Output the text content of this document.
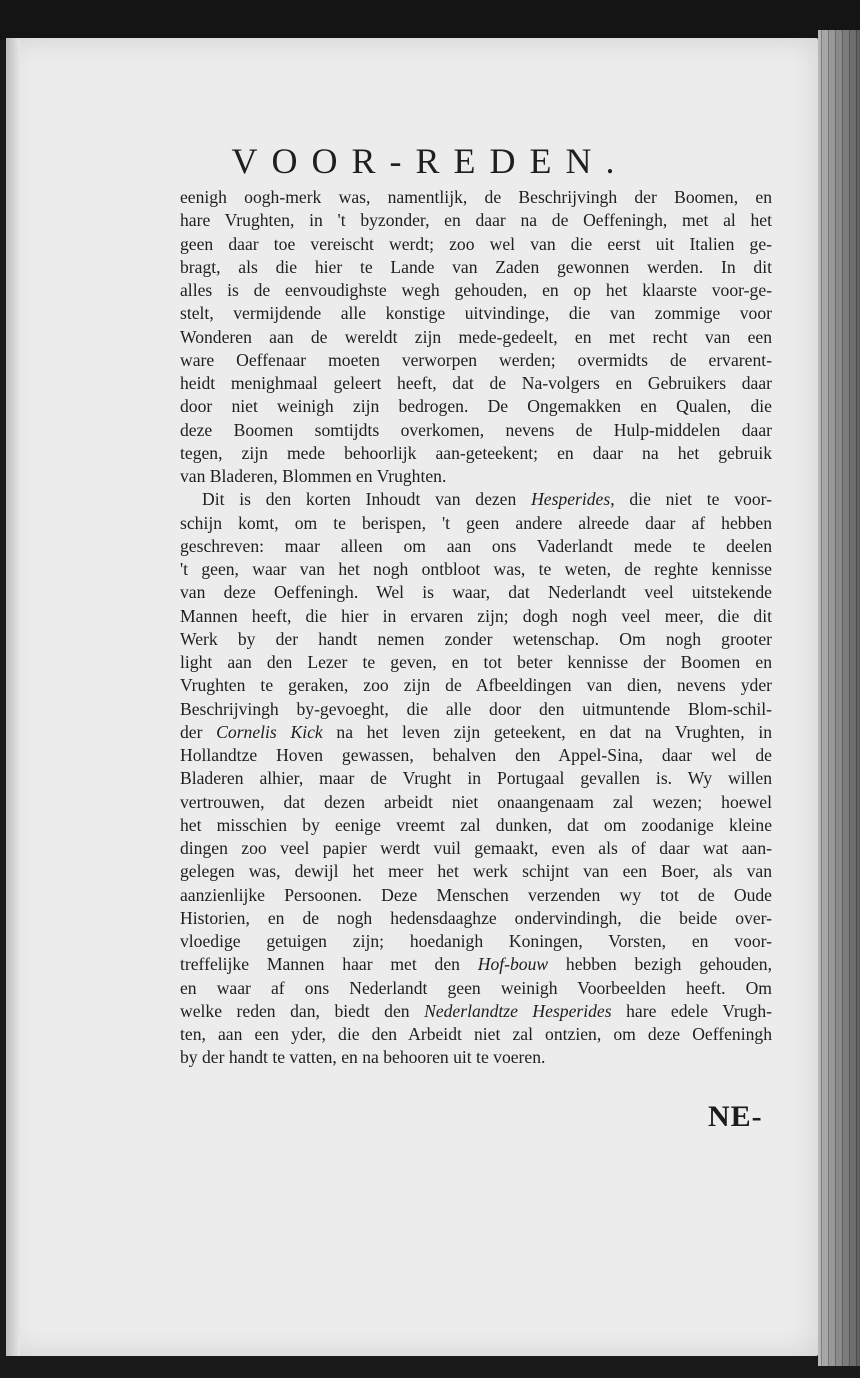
VOOR-REDEN.
eenigh oogh-merk was, namentlijk, de Beschrijvingh der Boomen, en
hare Vrughten, in 't byzonder, en daar na de Oeffeningh, met al het
geen daar toe vereischt werdt; zoo wel van die eerst uit Italien ge-
bragt, als die hier te Lande van Zaden gewonnen werden. In dit
alles is de eenvoudighste wegh gehouden, en op het klaarste voor-ge-
stelt, vermijdende alle konstige uitvindinge, die van zommige voor
Wonderen aan de wereldt zijn mede-gedeelt, en met recht van een
ware Oeffenaar moeten verworpen werden; overmidts de ervarent-
heidt menighmaal geleert heeft, dat de Na-volgers en Gebruikers daar
door niet weinigh zijn bedrogen. De Ongemakken en Qualen, die
deze Boomen somtijdts overkomen, nevens de Hulp-middelen daar
tegen, zijn mede behoorlijk aan-geteekent; en daar na het gebruik
van Bladeren, Blommen en Vrughten.
Dit is den korten Inhoudt van dezen Hesperides, die niet te voor-
schijn komt, om te berispen, 't geen andere alreede daar af hebben
geschreven: maar alleen om aan ons Vaderlandt mede te deelen
't geen, waar van het nogh ontbloot was, te weten, de reghte kennisse
van deze Oeffeningh. Wel is waar, dat Nederlandt veel uitstekende
Mannen heeft, die hier in ervaren zijn; dogh nogh veel meer, die dit
Werk by der handt nemen zonder wetenschap. Om nogh grooter
light aan den Lezer te geven, en tot beter kennisse der Boomen en
Vrughten te geraken, zoo zijn de Afbeeldingen van dien, nevens yder
Beschrijvingh by-gevoeght, die alle door den uitmuntende Blom-schil-
der Cornelis Kick na het leven zijn geteekent, en dat na Vrughten, in
Hollandtze Hoven gewassen, behalven den Appel-Sina, daar wel de
Bladeren alhier, maar de Vrught in Portugaal gevallen is. Wy willen
vertrouwen, dat dezen arbeidt niet onaangenaam zal wezen; hoewel
het misschien by eenige vreemt zal dunken, dat om zoodanige kleine
dingen zoo veel papier werdt vuil gemaakt, even als of daar wat aan-
gelegen was, dewijl het meer het werk schijnt van een Boer, als van
aanzienlijke Persoonen. Deze Menschen verzenden wy tot de Oude
Historien, en de nogh hedensdaaghze ondervindingh, die beide over-
vloedige getuigen zijn; hoedanigh Koningen, Vorsten, en voor-
treffelijke Mannen haar met den Hof-bouw hebben bezigh gehouden,
en waar af ons Nederlandt geen weinigh Voorbeelden heeft. Om
welke reden dan, biedt den Nederlandtze Hesperides hare edele Vrugh-
ten, aan een yder, die den Arbeidt niet zal ontzien, om deze Oeffeningh
by der handt te vatten, en na behooren uit te voeren.
NE-
